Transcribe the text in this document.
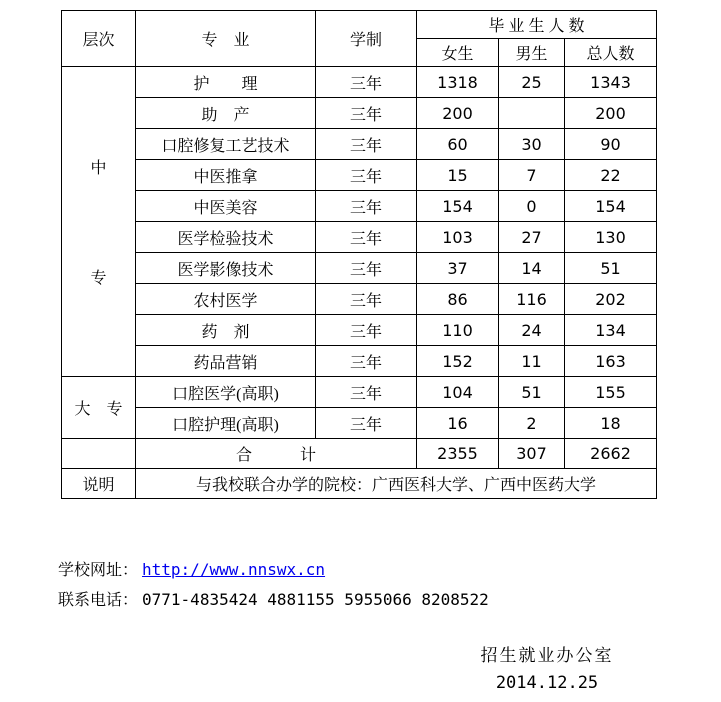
层次	专　业	学制	毕 业 生 人 数		
			女生	男生	总人数

中
专	护　　理	三年	1318	25	1343
	助　产	三年	200		200
	口腔修复工艺技术	三年	60	30	90
	中医推拿	三年	15	7	22
	中医美容	三年	154	0	154
	医学检验技术	三年	103	27	130
	医学影像技术	三年	37	14	51
	农村医学	三年	86	116	202
	药　剂	三年	110	24	134
	药品营销	三年	152	11	163
大　专	口腔医学(高职)	三年	104	51	155
	口腔护理(高职)	三年	16	2	18
	合　　　计		2355	307	2662
说明	与我校联合办学的院校：广西医科大学、广西中医药大学				
学校网址： http://www.nnswx.cn
联系电话： 0771-4835424 4881155 5955066 8208522
招生就业办公室
2014.12.25
